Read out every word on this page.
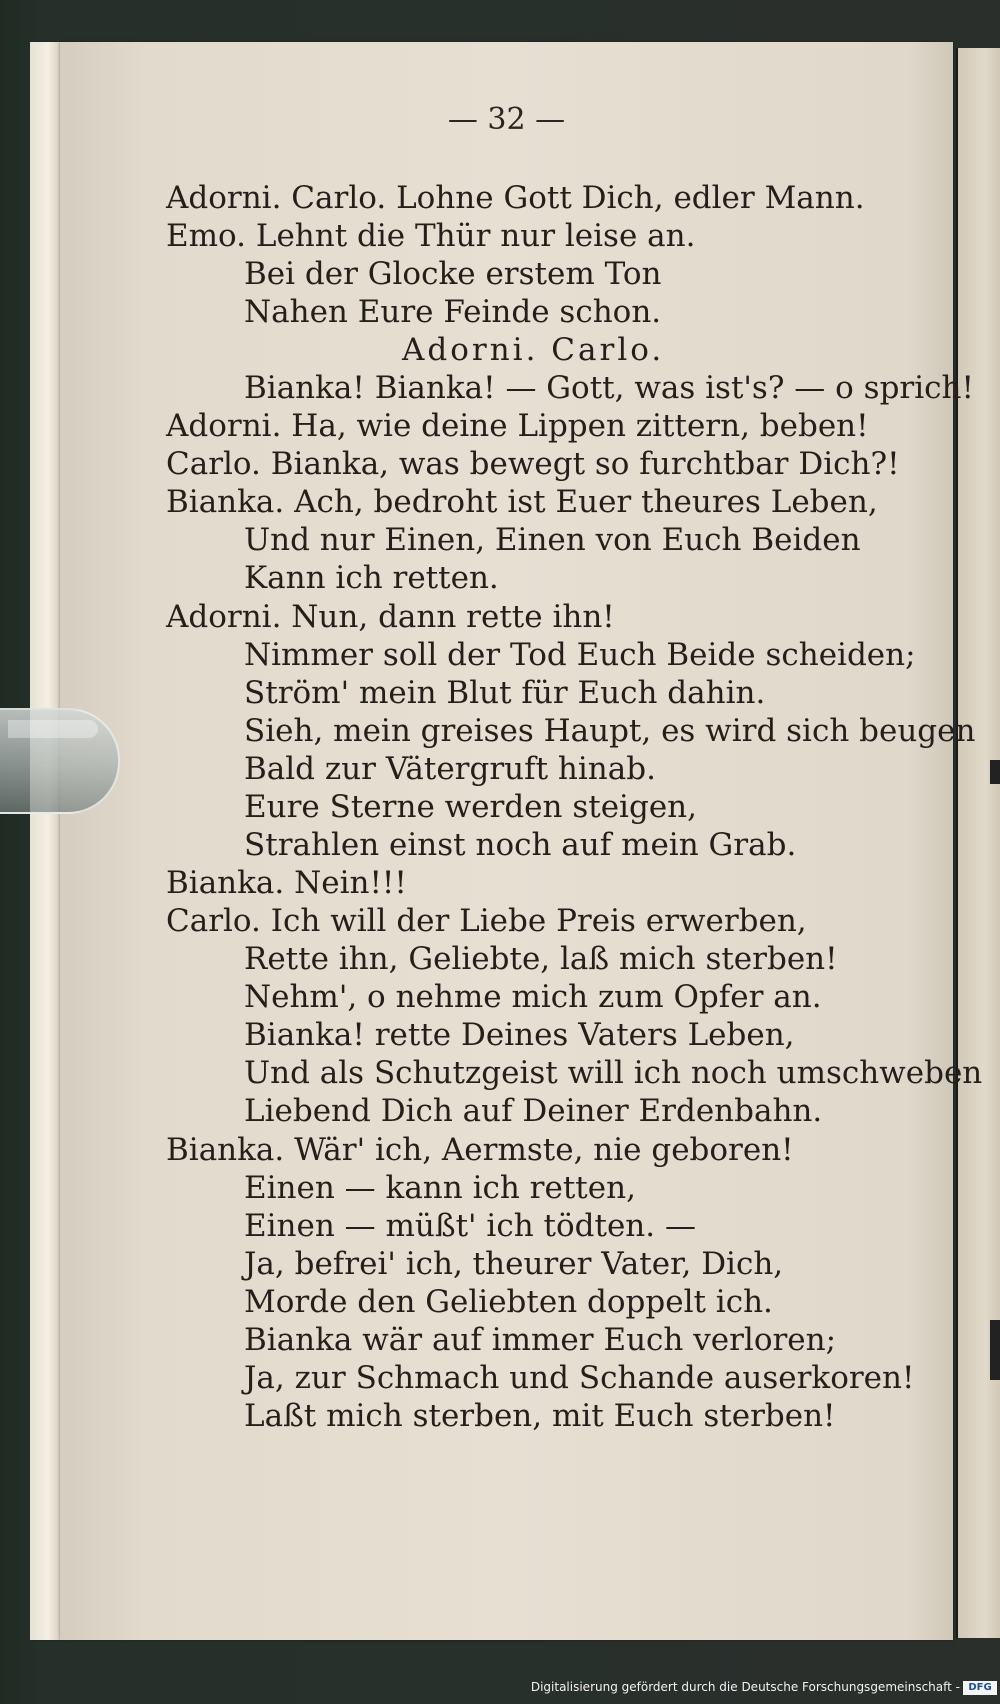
— 32 —
Adorni. Carlo. Lohne Gott Dich, edler Mann.
Emo. Lehnt die Thür nur leise an.
Bei der Glocke erstem Ton
Nahen Eure Feinde schon.
Adorni. Carlo.
Bianka! Bianka! — Gott, was ist's? — o sprich!
Adorni. Ha, wie deine Lippen zittern, beben!
Carlo. Bianka, was bewegt so furchtbar Dich?!
Bianka. Ach, bedroht ist Euer theures Leben,
Und nur Einen, Einen von Euch Beiden
Kann ich retten.
Adorni. Nun, dann rette ihn!
Nimmer soll der Tod Euch Beide scheiden;
Ström' mein Blut für Euch dahin.
Sieh, mein greises Haupt, es wird sich beugen
Bald zur Vätergruft hinab.
Eure Sterne werden steigen,
Strahlen einst noch auf mein Grab.
Bianka. Nein!!!
Carlo. Ich will der Liebe Preis erwerben,
Rette ihn, Geliebte, laß mich sterben!
Nehm', o nehme mich zum Opfer an.
Bianka! rette Deines Vaters Leben,
Und als Schutzgeist will ich noch umschweben
Liebend Dich auf Deiner Erdenbahn.
Bianka. Wär' ich, Aermste, nie geboren!
Einen — kann ich retten,
Einen — müßt' ich tödten. —
Ja, befrei' ich, theurer Vater, Dich,
Morde den Geliebten doppelt ich.
Bianka wär auf immer Euch verloren;
Ja, zur Schmach und Schande auserkoren!
Laßt mich sterben, mit Euch sterben!
Digitalisierung gefördert durch die Deutsche Forschungsgemeinschaft - DFG
